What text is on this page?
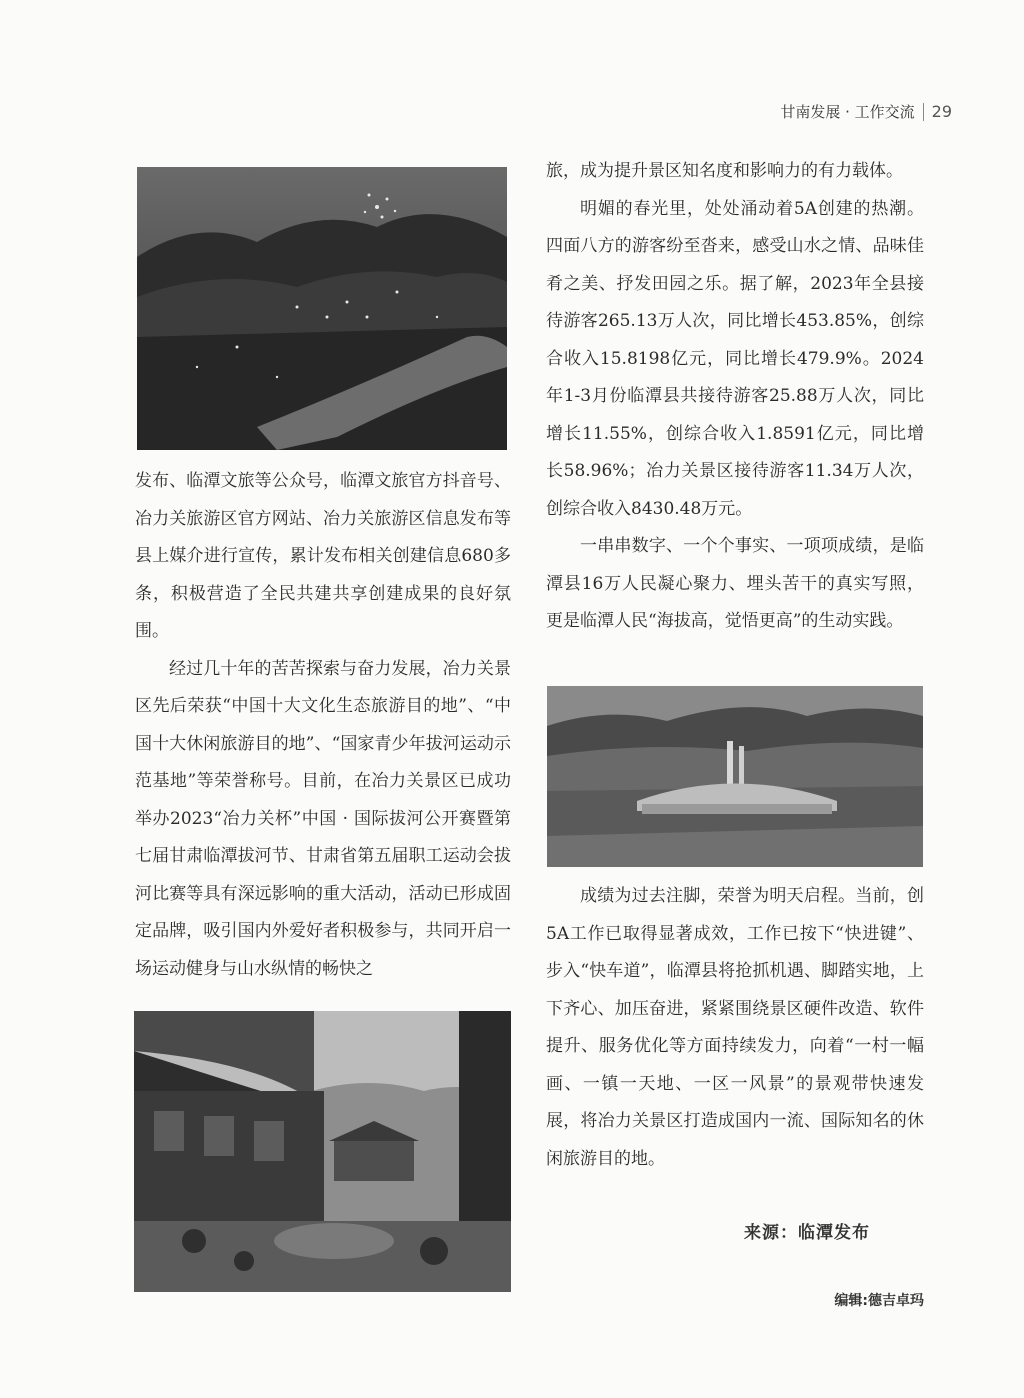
甘南发展 · 工作交流 29

发布、临潭文旅等公众号，临潭文旅官方抖音号、冶力关旅游区官方网站、冶力关旅游区信息发布等县上媒介进行宣传，累计发布相关创建信息680多条，积极营造了全民共建共享创建成果的良好氛围。

经过几十年的苦苦探索与奋力发展，冶力关景区先后荣获“中国十大文化生态旅游目的地”、“中国十大休闲旅游目的地”、“国家青少年拔河运动示范基地”等荣誉称号。目前，在冶力关景区已成功举办2023“冶力关杯”中国 · 国际拔河公开赛暨第七届甘肃临潭拔河节、甘肃省第五届职工运动会拔河比赛等具有深远影响的重大活动，活动已形成固定品牌，吸引国内外爱好者积极参与，共同开启一场运动健身与山水纵情的畅快之

旅，成为提升景区知名度和影响力的有力载体。

明媚的春光里，处处涌动着5A创建的热潮。四面八方的游客纷至沓来，感受山水之情、品味佳肴之美、抒发田园之乐。据了解，2023年全县接待游客265.13万人次，同比增长453.85%，创综合收入15.8198亿元，同比增长479.9%。2024年1-3月份临潭县共接待游客25.88万人次，同比增长11.55%，创综合收入1.8591亿元，同比增长58.96%；冶力关景区接待游客11.34万人次，创综合收入8430.48万元。

一串串数字、一个个事实、一项项成绩，是临潭县16万人民凝心聚力、埋头苦干的真实写照，更是临潭人民“海拔高，觉悟更高”的生动实践。

成绩为过去注脚，荣誉为明天启程。当前，创5A工作已取得显著成效，工作已按下“快进键”、步入“快车道”，临潭县将抢抓机遇、脚踏实地，上下齐心、加压奋进，紧紧围绕景区硬件改造、软件提升、服务优化等方面持续发力，向着“一村一幅画、一镇一天地、一区一风景”的景观带快速发展，将冶力关景区打造成国内一流、国际知名的休闲旅游目的地。

来源：临潭发布
编辑:德吉卓玛
